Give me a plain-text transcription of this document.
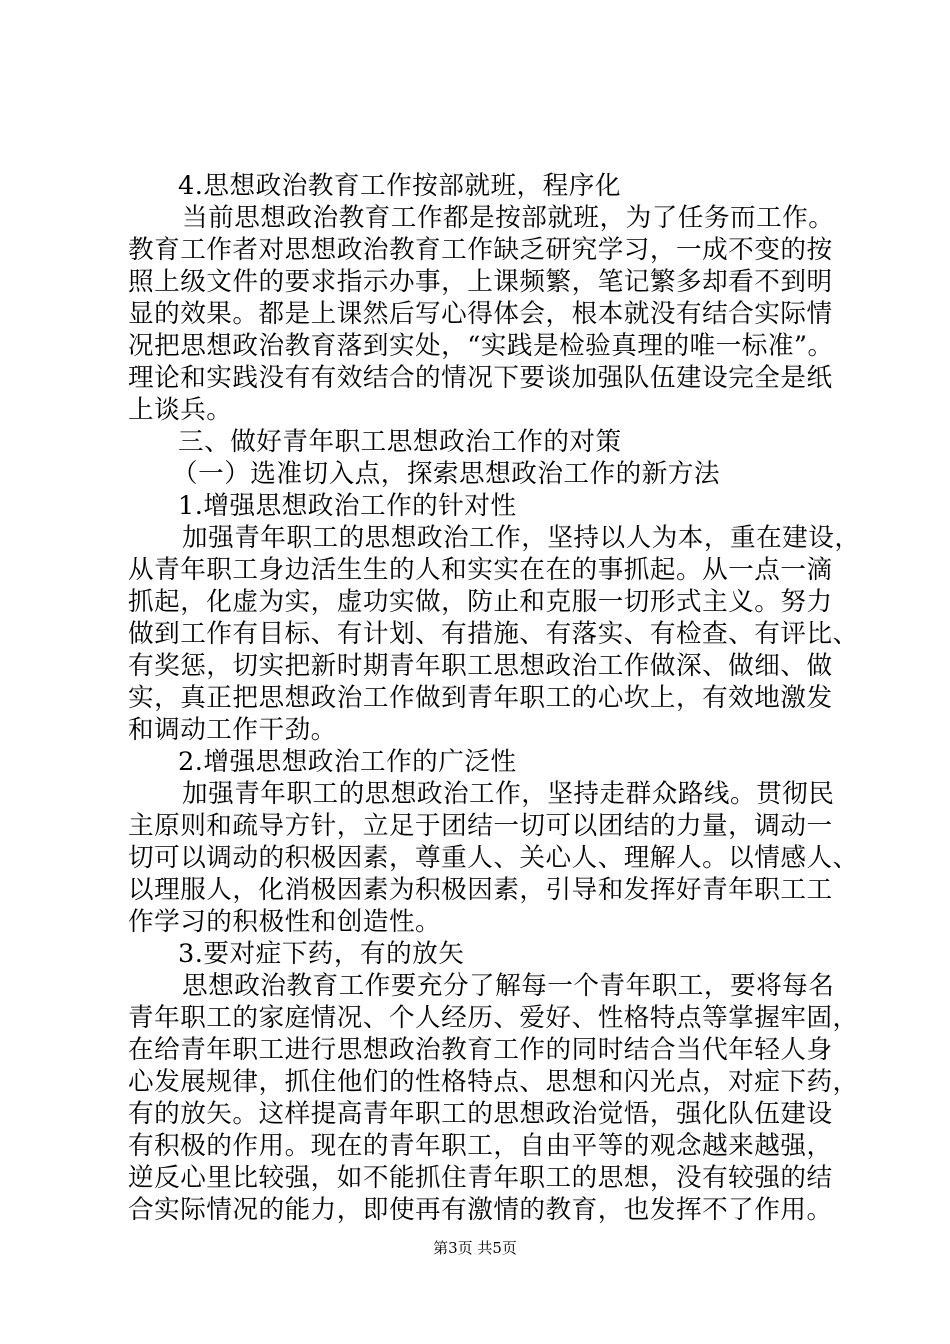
4.思想政治教育工作按部就班，程序化
当前思想政治教育工作都是按部就班，为了任务而工作。
教育工作者对思想政治教育工作缺乏研究学习，一成不变的按
照上级文件的要求指示办事，上课频繁，笔记繁多却看不到明
显的效果。都是上课然后写心得体会，根本就没有结合实际情
况把思想政治教育落到实处，“实践是检验真理的唯一标准”。
理论和实践没有有效结合的情况下要谈加强队伍建设完全是纸
上谈兵。
三、做好青年职工思想政治工作的对策
（一）选准切入点，探索思想政治工作的新方法
1.增强思想政治工作的针对性
加强青年职工的思想政治工作，坚持以人为本，重在建设，
从青年职工身边活生生的人和实实在在的事抓起。从一点一滴
抓起，化虚为实，虚功实做，防止和克服一切形式主义。努力
做到工作有目标、有计划、有措施、有落实、有检查、有评比、
有奖惩，切实把新时期青年职工思想政治工作做深、做细、做
实，真正把思想政治工作做到青年职工的心坎上，有效地激发
和调动工作干劲。
2.增强思想政治工作的广泛性
加强青年职工的思想政治工作，坚持走群众路线。贯彻民
主原则和疏导方针，立足于团结一切可以团结的力量，调动一
切可以调动的积极因素，尊重人、关心人、理解人。以情感人、
以理服人，化消极因素为积极因素，引导和发挥好青年职工工
作学习的积极性和创造性。
3.要对症下药，有的放矢
思想政治教育工作要充分了解每一个青年职工，要将每名
青年职工的家庭情况、个人经历、爱好、性格特点等掌握牢固，
在给青年职工进行思想政治教育工作的同时结合当代年轻人身
心发展规律，抓住他们的性格特点、思想和闪光点，对症下药，
有的放矢。这样提高青年职工的思想政治觉悟，强化队伍建设
有积极的作用。现在的青年职工，自由平等的观念越来越强，
逆反心里比较强，如不能抓住青年职工的思想，没有较强的结
合实际情况的能力，即使再有激情的教育，也发挥不了作用。
第3页 共5页
